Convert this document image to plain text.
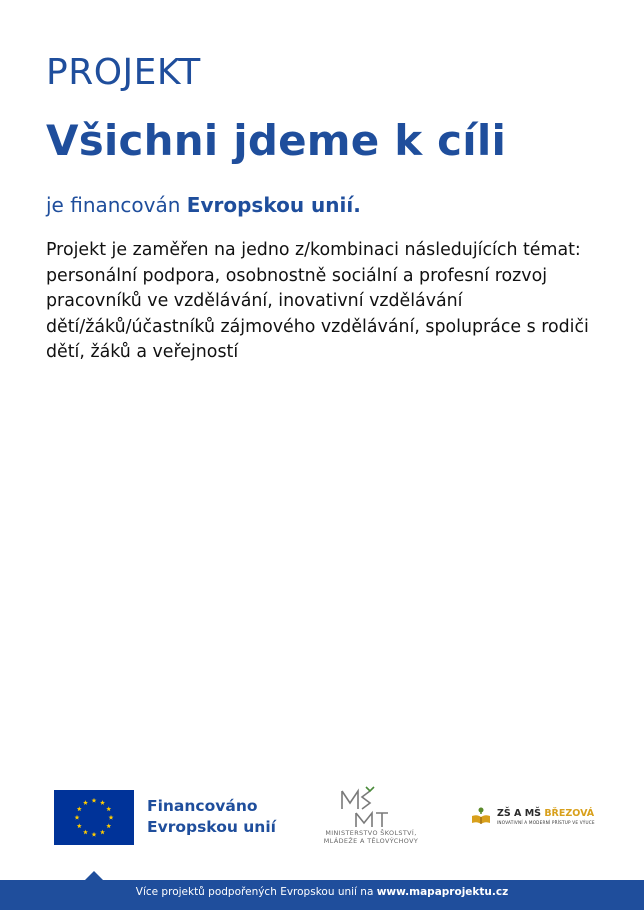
PROJEKT
Všichni jdeme k cíli
je financován Evropskou unií.
Projekt je zaměřen na jedno z/kombinaci následujících témat:
personální podpora, osobnostně sociální a profesní rozvoj
pracovníků ve vzdělávání, inovativní vzdělávání
dětí/žáků/účastníků zájmového vzdělávání, spolupráce s rodiči
dětí, žáků a veřejností
Financováno
Evropskou unií	MINISTERSTVO ŠKOLSTVÍ,
MLÁDEŽE A TĚLOVÝCHOVY
ZŠ A MŠ BŘEZOVÁ
INOVATIVNÍ A MODERNÍ PŘÍSTUP VE VÝUCE
Více projektů podpořených Evropskou unií na www.mapaprojektu.cz
